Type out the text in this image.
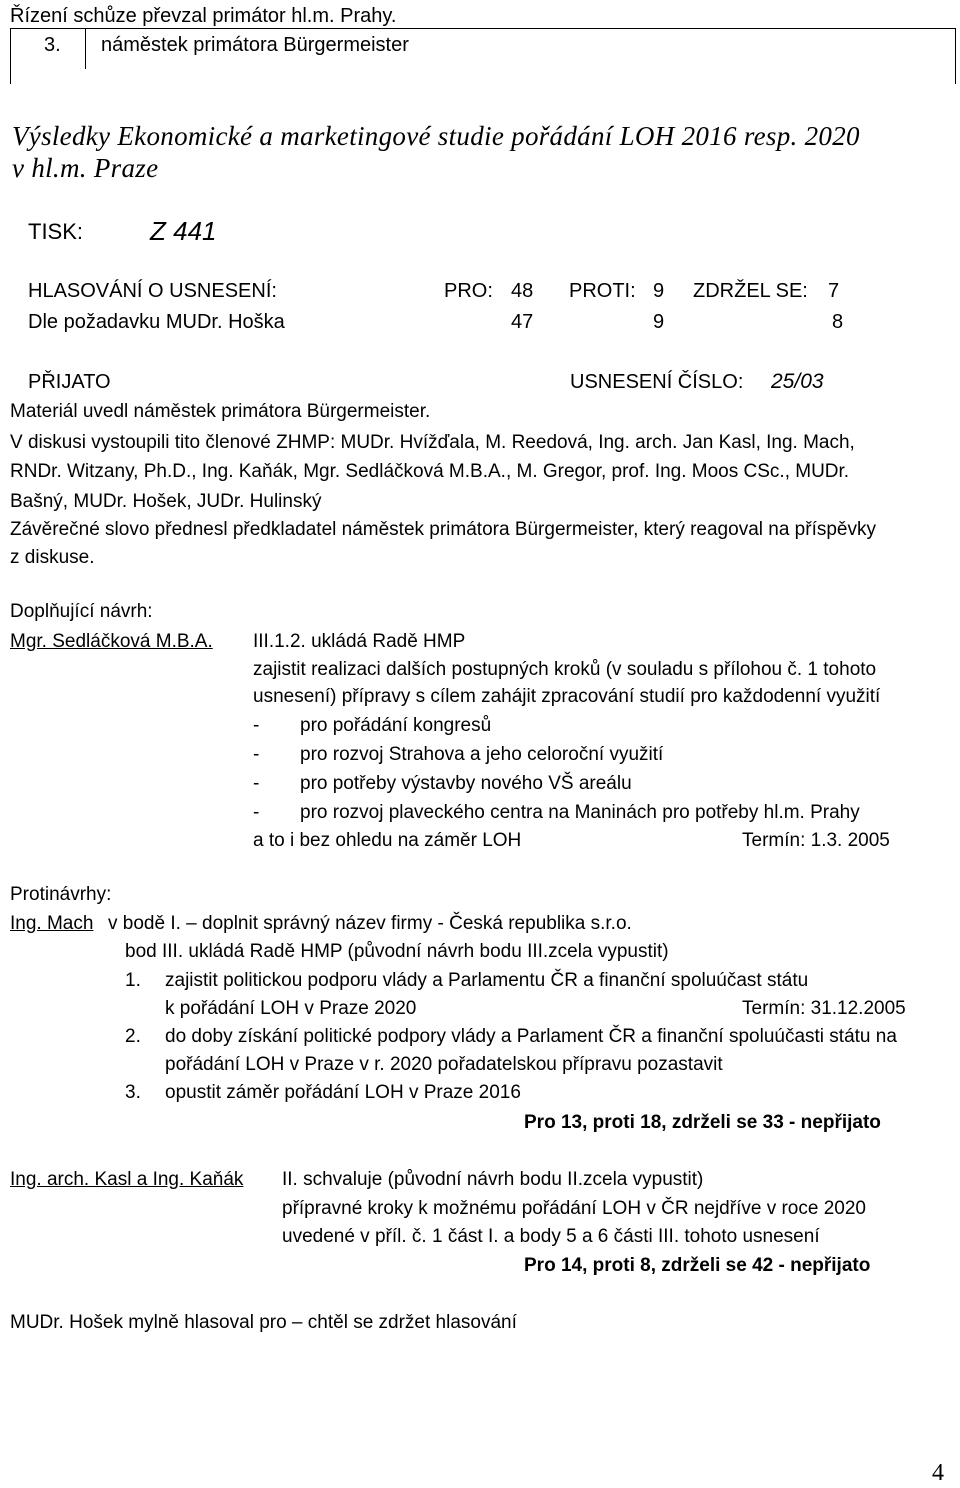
Řízení schůze převzal primátor hl.m. Prahy.
3. náměstek primátora Bürgermeister
Výsledky Ekonomické a marketingové studie pořádání LOH 2016 resp. 2020
v hl.m. Praze
TISK:	Z 441
HLASOVÁNÍ O USNESENÍ:	PRO: 48 PROTI: 9 ZDRŽEL SE: 7
Dle požadavku MUDr. Hoška	47	9	8
PŘIJATO	USNESENÍ ČÍSLO: 25/03
Materiál uvedl náměstek primátora Bürgermeister.
V diskusi vystoupili tito členové ZHMP: MUDr. Hvížďala, M. Reedová, Ing. arch. Jan Kasl, Ing. Mach,
RNDr. Witzany, Ph.D., Ing. Kaňák, Mgr. Sedláčková M.B.A., M. Gregor, prof. Ing. Moos CSc., MUDr.
Bašný, MUDr. Hošek, JUDr. Hulinský
Závěrečné slovo přednesl předkladatel náměstek primátora Bürgermeister, který reagoval na příspěvky
z diskuse.
Doplňující návrh:
Mgr. Sedláčková M.B.A. III.1.2. ukládá Radě HMP
zajistit realizaci dalších postupných kroků (v souladu s přílohou č. 1 tohoto
usnesení) přípravy s cílem zahájit zpracování studií pro každodenní využití
- pro pořádání kongresů
- pro rozvoj Strahova a jeho celoroční využití
- pro potřeby výstavby nového VŠ areálu
- pro rozvoj plaveckého centra na Maninách pro potřeby hl.m. Prahy
a to i bez ohledu na záměr LOH	Termín: 1.3. 2005
Protinávrhy:
Ing. Mach v bodě I. – doplnit správný název firmy - Česká republika s.r.o.
bod III. ukládá Radě HMP (původní návrh bodu III.zcela vypustit)
1. zajistit politickou podporu vlády a Parlamentu ČR a finanční spoluúčast státu
k pořádání LOH v Praze 2020	Termín: 31.12.2005
2. do doby získání politické podpory vlády a Parlament ČR a finanční spoluúčasti státu na
pořádání LOH v Praze v r. 2020 pořadatelskou přípravu pozastavit
3. opustit záměr pořádání LOH v Praze 2016
Pro 13, proti 18, zdrželi se 33 - nepřijato
Ing. arch. Kasl a Ing. Kaňák II. schvaluje (původní návrh bodu II.zcela vypustit)
přípravné kroky k možnému pořádání LOH v ČR nejdříve v roce 2020
uvedené v příl. č. 1 část I. a body 5 a 6 části III. tohoto usnesení
Pro 14, proti 8, zdrželi se 42 - nepřijato
MUDr. Hošek mylně hlasoval pro – chtěl se zdržet hlasování
4
